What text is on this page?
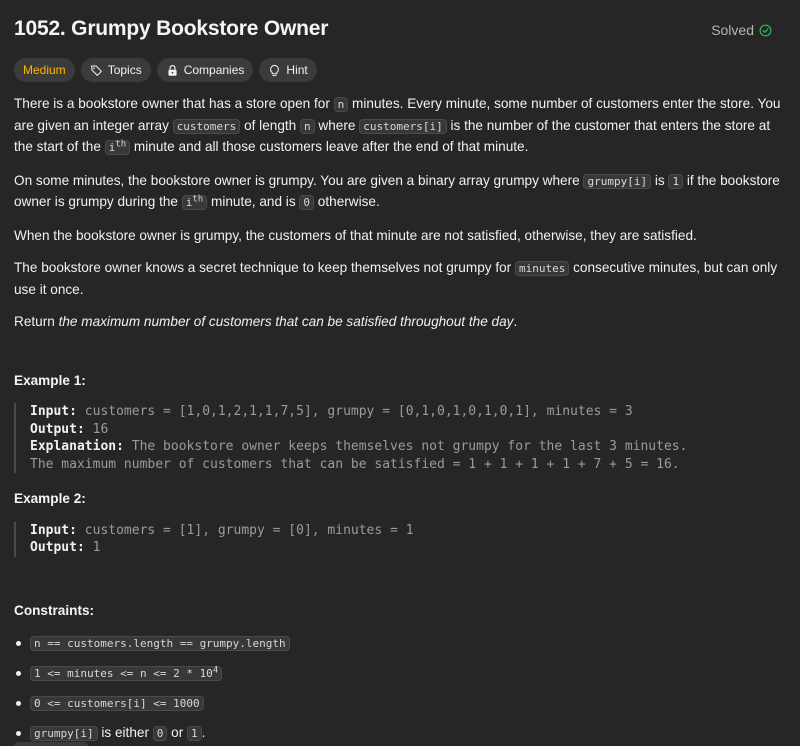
1052. Grumpy Bookstore Owner	Solved
Medium	Topics	Companies	Hint

There is a bookstore owner that has a store open for n minutes. Every minute, some number of customers enter the store. You are given an integer array customers of length n where customers[i] is the number of the customer that enters the store at the start of the $i^{th}$ minute and all those customers leave after the end of that minute.

On some minutes, the bookstore owner is grumpy. You are given a binary array grumpy where grumpy[i] is 1 if the bookstore owner is grumpy during the $i^{th}$ minute, and is 0 otherwise.

When the bookstore owner is grumpy, the customers of that minute are not satisfied, otherwise, they are satisfied.

The bookstore owner knows a secret technique to keep themselves not grumpy for minutes consecutive minutes, but can only use it once.

Return the maximum number of customers that can be satisfied throughout the day.

Example 1:
Input: customers = [1,0,1,2,1,1,7,5], grumpy = [0,1,0,1,0,1,0,1], minutes = 3
Output: 16
Explanation: The bookstore owner keeps themselves not grumpy for the last 3 minutes.
The maximum number of customers that can be satisfied = 1 + 1 + 1 + 1 + 7 + 5 = 16.
Example 2:
Input: customers = [1], grumpy = [0], minutes = 1
Output: 1
Constraints:
n == customers.length == grumpy.length
1 <= minutes <= $n <= 2 * 10^4$
0 <= customers[i] <= 1000
grumpy[i] is either 0 or 1 .
